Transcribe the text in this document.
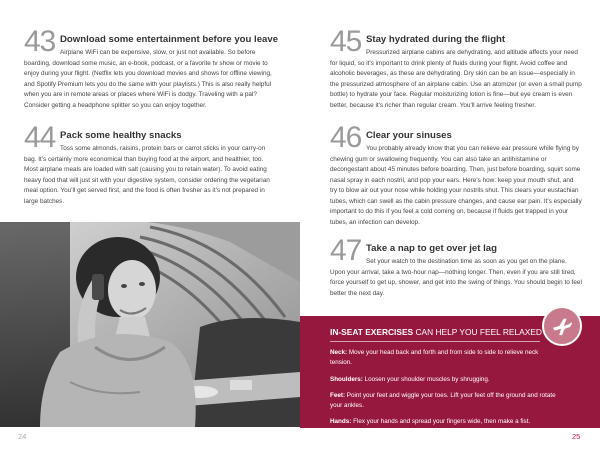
43 Download some entertainment before you leave
Airplane WiFi can be expensive, slow, or just not available. So before boarding, download some music, an e-book, podcast, or a favorite tv show or movie to enjoy during your flight. (Netflix lets you download movies and shows for offline viewing, and Spotify Premium lets you do the same with your playlists.) This is also really helpful when you are in remote areas or places where WiFi is dodgy. Traveling with a pal? Consider getting a headphone splitter so you can enjoy together.
44 Pack some healthy snacks
Toss some almonds, raisins, protein bars or carrot sticks in your carry-on bag. It's certainly more economical than buying food at the airport, and healthier, too. Most airplane meals are loaded with salt (causing you to retain water). To avoid eating heavy food that will just sit with your digestive system, consider ordering the vegetarian meal option. You'll get served first, and the food is often fresher as it's not prepared in large batches.
45 Stay hydrated during the flight
Pressurized airplane cabins are dehydrating, and altitude affects your need for liquid, so it's important to drink plenty of fluids during your flight. Avoid coffee and alcoholic beverages, as these are dehydrating. Dry skin can be an issue—especially in the pressurized atmosphere of an airplane cabin. Use an atomizer (or even a small pump bottle) to hydrate your face. Regular moisturizing lotion is fine—but eye cream is even better, because it's richer than regular cream. You'll arrive feeling fresher.
46 Clear your sinuses
You probably already know that you can relieve ear pressure while flying by chewing gum or swallowing frequently. You can also take an antihistamine or decongestant about 45 minutes before boarding. Then, just before boarding, squirt some nasal spray in each nostril, and pop your ears. Here's how: keep your mouth shut, and try to blow air out your nose while holding your nostrils shut. This clears your eustachian tubes, which can swell as the cabin pressure changes, and cause ear pain. It's especially important to do this if you feel a cold coming on, because if fluids get trapped in your tubes, an infection can develop.
47 Take a nap to get over jet lag
Set your watch to the destination time as soon as you get on the plane. Upon your arrival, take a two-hour nap—nothing longer. Then, even if you are still tired, force yourself to get up, shower, and get into the swing of things. You should begin to feel better the next day.
24
IN-SEAT EXERCISES CAN HELP YOU FEEL RELAXED
Neck: Move your head back and forth and from side to side to relieve neck tension.
Shoulders: Loosen your shoulder muscles by shrugging.
Feet: Point your feet and wiggle your toes. Lift your feet off the ground and rotate your ankles.
Hands: Flex your hands and spread your fingers wide, then make a fist.
25
